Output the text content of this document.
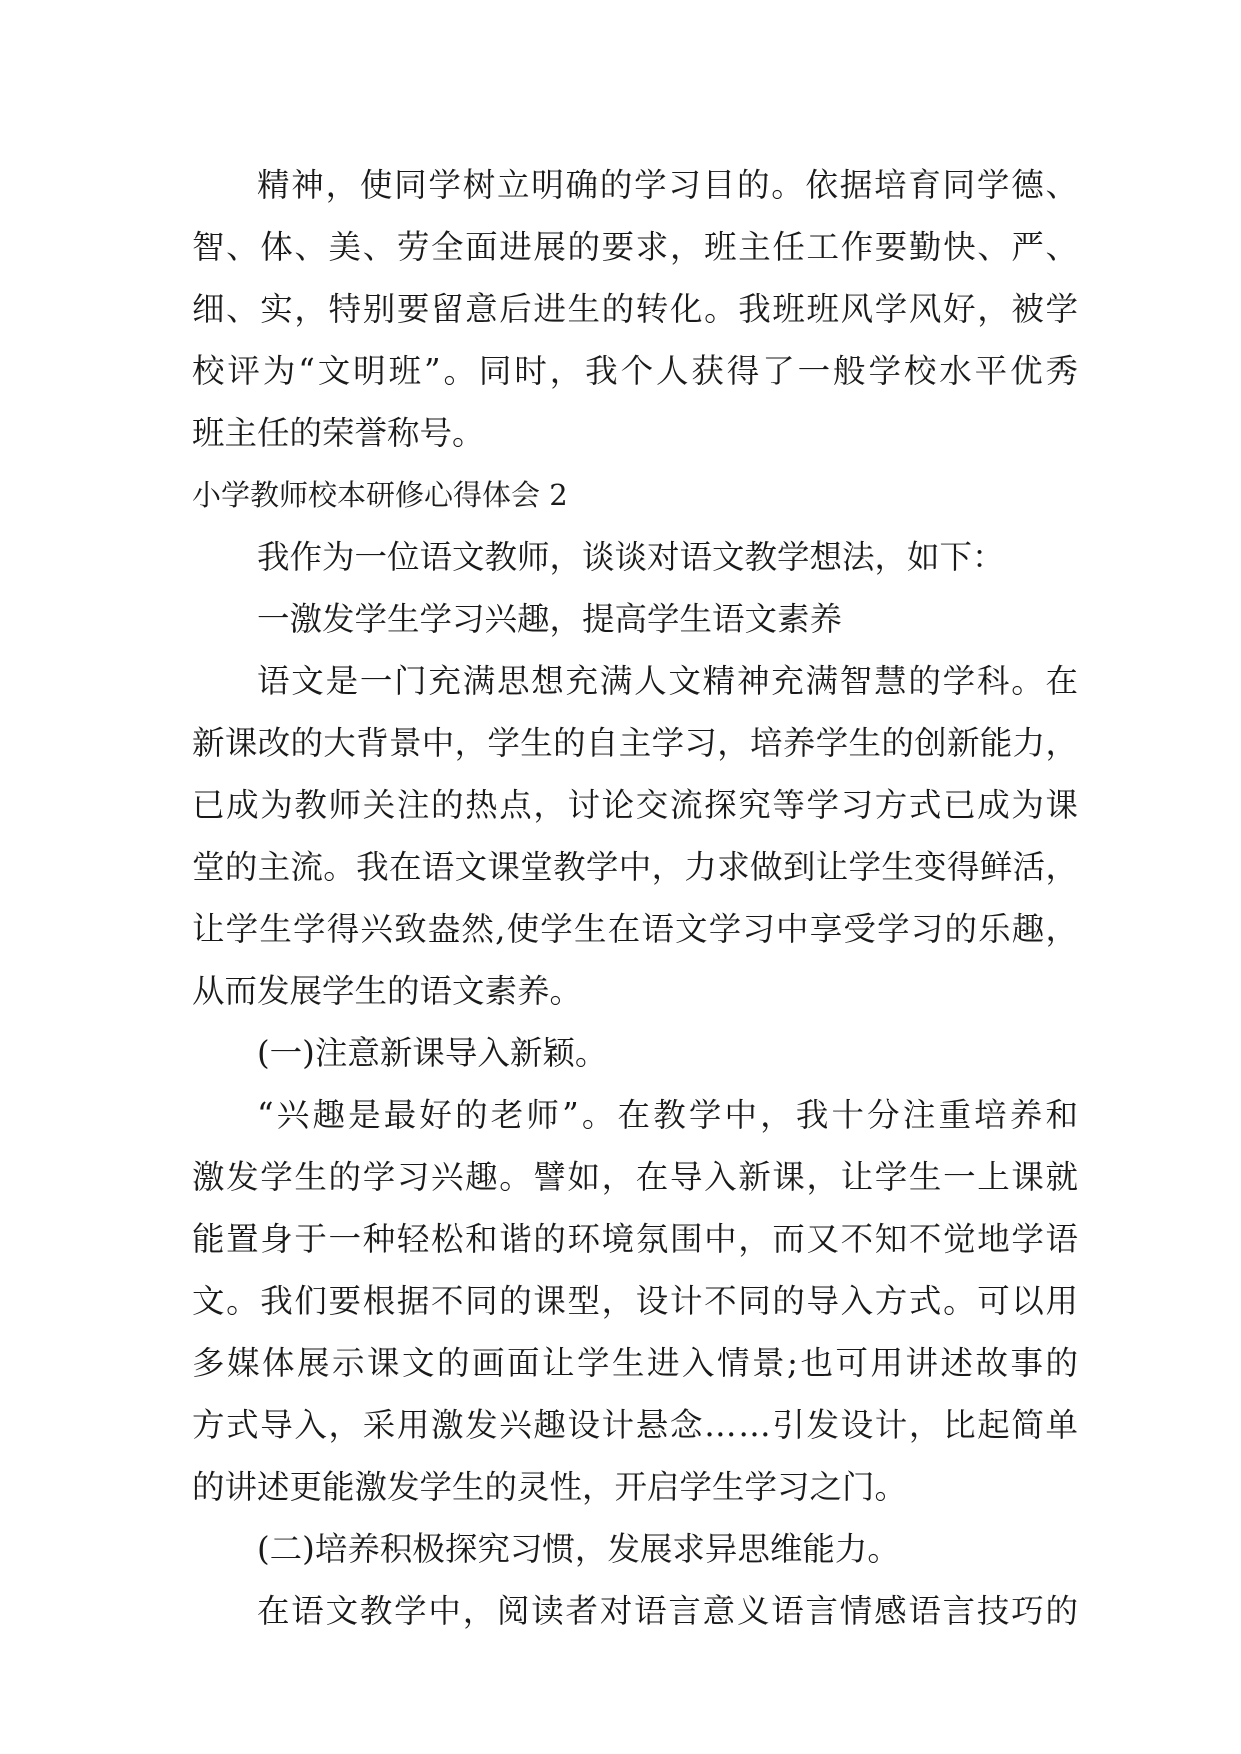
精神，使同学树立明确的学习目的。依据培育同学德、

智、体、美、劳全面进展的要求，班主任工作要勤快、严、

细、实，特别要留意后进生的转化。我班班风学风好，被学

校评为“文明班”。同时，我个人获得了一般学校水平优秀

班主任的荣誉称号。

小学教师校本研修心得体会 2

我作为一位语文教师，谈谈对语文教学想法，如下：

一激发学生学习兴趣，提高学生语文素养

语文是一门充满思想充满人文精神充满智慧的学科。在

新课改的大背景中，学生的自主学习，培养学生的创新能力，

已成为教师关注的热点，讨论交流探究等学习方式已成为课

堂的主流。我在语文课堂教学中，力求做到让学生变得鲜活，

让学生学得兴致盎然,使学生在语文学习中享受学习的乐趣，

从而发展学生的语文素养。

(一)注意新课导入新颖。

“兴趣是最好的老师”。在教学中，我十分注重培养和

激发学生的学习兴趣。譬如，在导入新课，让学生一上课就

能置身于一种轻松和谐的环境氛围中，而又不知不觉地学语

文。我们要根据不同的课型，设计不同的导入方式。可以用

多媒体展示课文的画面让学生进入情景;也可用讲述故事的

方式导入，采用激发兴趣设计悬念……引发设计，比起简单

的讲述更能激发学生的灵性，开启学生学习之门。

(二)培养积极探究习惯，发展求异思维能力。

在语文教学中，阅读者对语言意义语言情感语言技巧的
